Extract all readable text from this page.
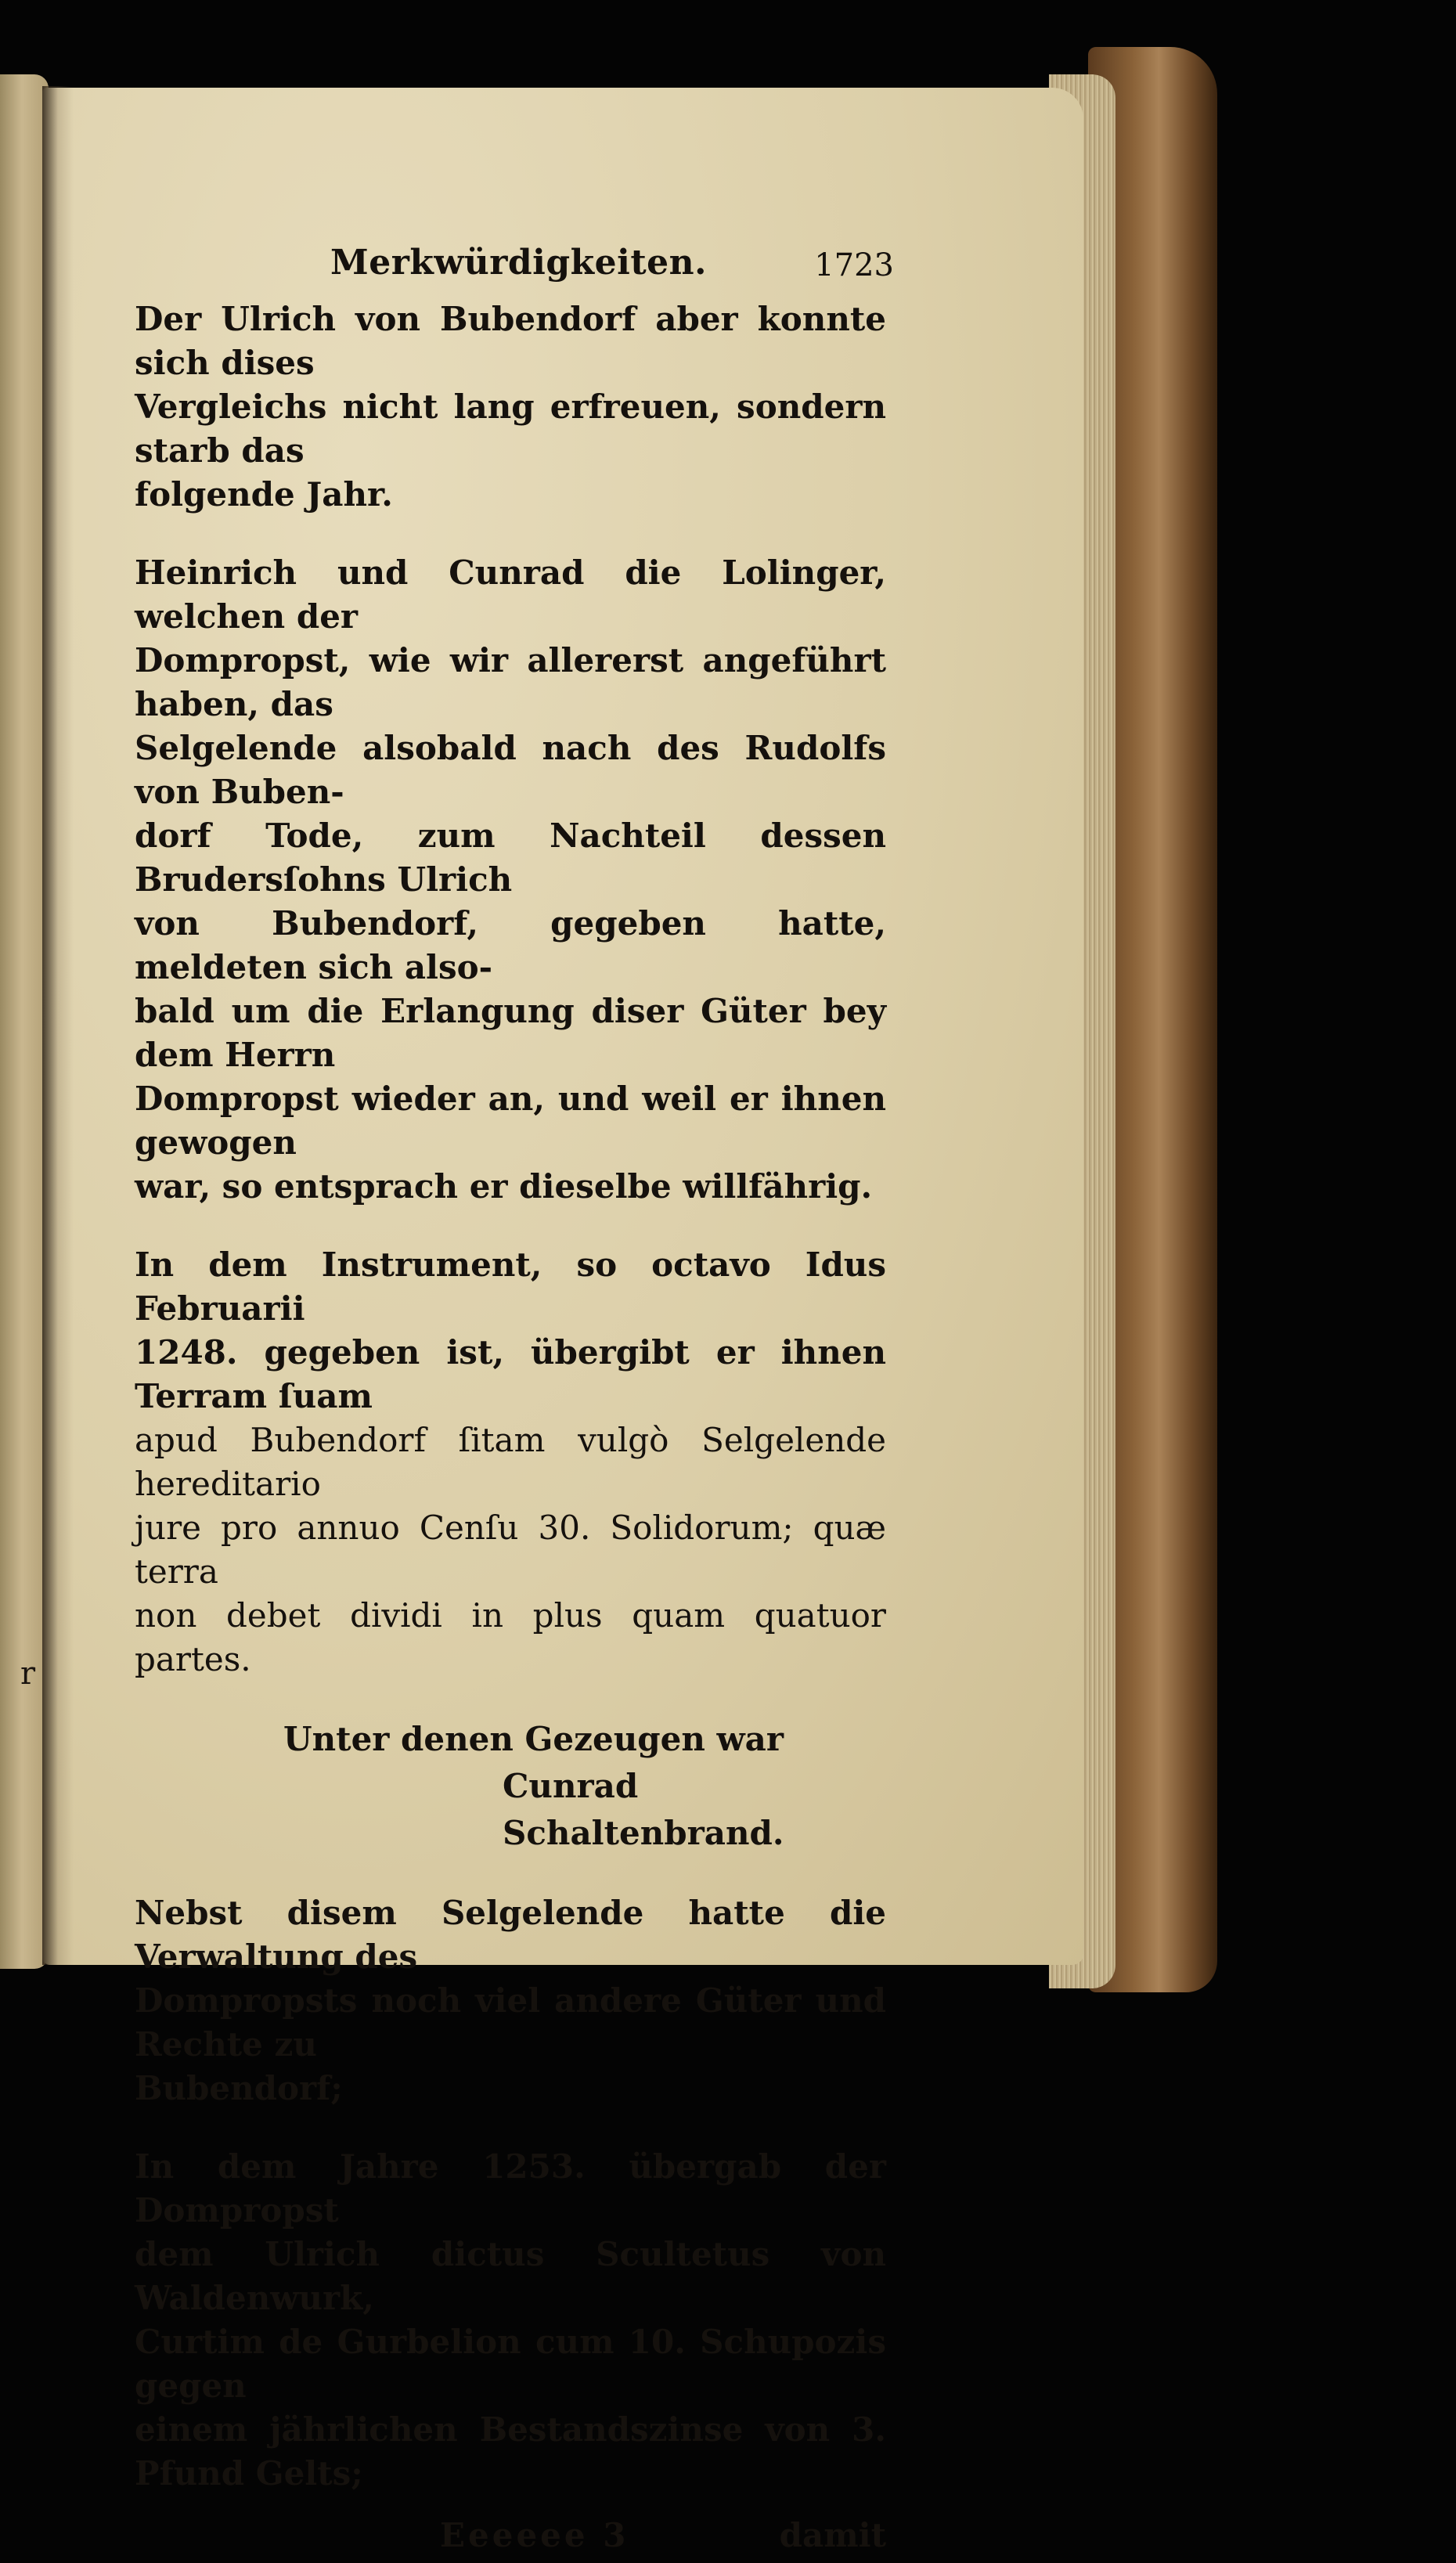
r
Merkwürdigkeiten.	1723
Der Ulrich von Bubendorf aber konnte sich dises
Vergleichs nicht lang erfreuen, sondern starb das
folgende Jahr.
Heinrich und Cunrad die Lolinger, welchen der
Dompropst, wie wir allererst angeführt haben, das
Selgelende alsobald nach des Rudolfs von Buben-
dorf Tode, zum Nachteil dessen Brudersſohns Ulrich
von Bubendorf, gegeben hatte, meldeten sich also-
bald um die Erlangung diser Güter bey dem Herrn
Dompropst wieder an, und weil er ihnen gewogen
war, so entsprach er dieselbe willfährig.
In dem Instrument, so octavo Idus Februarii
1248. gegeben ist, übergibt er ihnen Terram ſuam
apud Bubendorf ſitam vulgò Selgelende hereditario
jure pro annuo Cenſu 30. Solidorum; quæ terra
non debet dividi in plus quam quatuor partes.
Unter denen Gezeugen war
Cunrad Schaltenbrand.
Nebst disem Selgelende hatte die Verwaltung des
Dompropsts noch viel andere Güter und Rechte zu
Bubendorf;
In dem Jahre 1253. übergab der Dompropst
dem Ulrich dictus Scultetus von Waldenwurk,
Curtim de Gurbelion cum 10. Schupozis gegen
einem jährlichen Bestandszinse von 3. Pfund Gelts;
Eeeeee 3	damit
